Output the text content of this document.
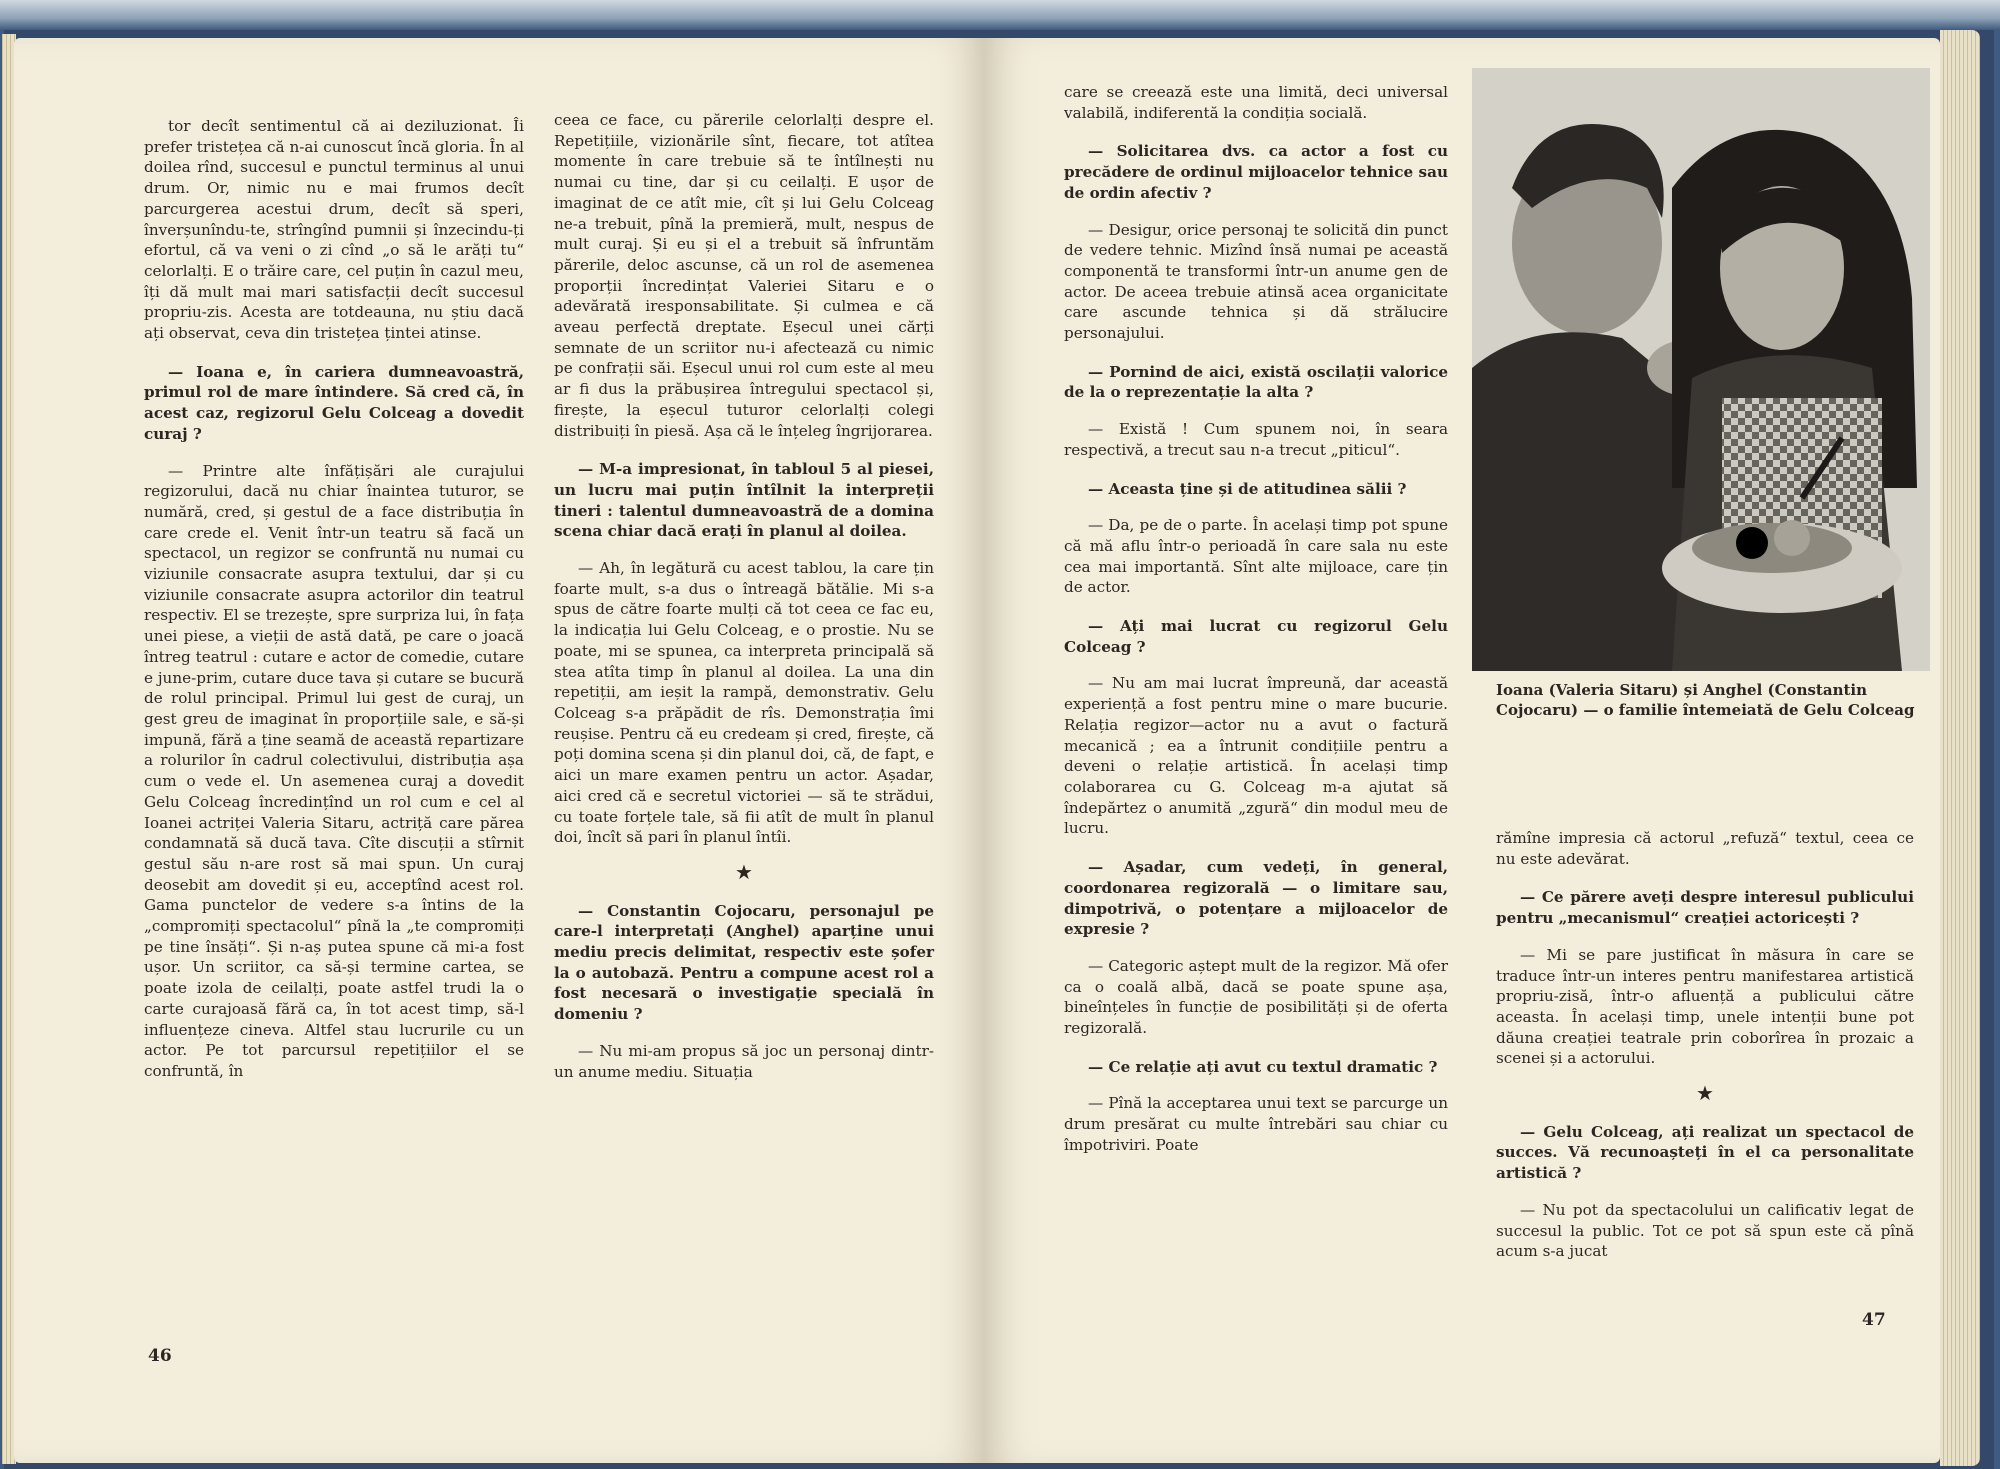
tor decît sentimentul că ai deziluzionat. Îi prefer tristețea că n-ai cunoscut încă gloria. În al doilea rînd, succesul e punctul terminus al unui drum. Or, nimic nu e mai frumos decît parcurgerea acestui drum, decît să speri, înverșunîndu-te, strîngînd pumnii și înzecindu-ți efortul, că va veni o zi cînd „o să le arăți tu“ celorlalți. E o trăire care, cel puțin în cazul meu, îți dă mult mai mari satisfacții decît succesul propriu-zis. Acesta are totdeauna, nu știu dacă ați observat, ceva din tristețea țintei atinse.

— Ioana e, în cariera dumneavoastră, primul rol de mare întindere. Să cred că, în acest caz, regizorul Gelu Colceag a dovedit curaj ?

— Printre alte înfățișări ale curajului regizorului, dacă nu chiar înaintea tuturor, se numără, cred, și gestul de a face distribuția în care crede el. Venit într-un teatru să facă un spectacol, un regizor se confruntă nu numai cu viziunile consacrate asupra textului, dar și cu viziunile consacrate asupra actorilor din teatrul respectiv. El se trezește, spre surpriza lui, în fața unei piese, a vieții de astă dată, pe care o joacă întreg teatrul : cutare e actor de comedie, cutare e june-prim, cutare duce tava și cutare se bucură de rolul principal. Primul lui gest de curaj, un gest greu de imaginat în proporțiile sale, e să-și impună, fără a ține seamă de această repartizare a rolurilor în cadrul colectivului, distribuția așa cum o vede el. Un asemenea curaj a dovedit Gelu Colceag încredințînd un rol cum e cel al Ioanei actriței Valeria Sitaru, actriță care părea condamnată să ducă tava. Cîte discuții a stîrnit gestul său n-are rost să mai spun. Un curaj deosebit am dovedit și eu, acceptînd acest rol. Gama punctelor de vedere s-a întins de la „compromiți spectacolul“ pînă la „te compromiți pe tine însăți“. Și n-aș putea spune că mi-a fost ușor. Un scriitor, ca să-și termine cartea, se poate izola de ceilalți, poate astfel trudi la o carte curajoasă fără ca, în tot acest timp, să-l influențeze cineva. Altfel stau lucrurile cu un actor. Pe tot parcursul repetițiilor el se confruntă, în

ceea ce face, cu părerile celorlalți despre el. Repetițiile, vizionările sînt, fiecare, tot atîtea momente în care trebuie să te întîlnești nu numai cu tine, dar și cu ceilalți. E ușor de imaginat de ce atît mie, cît și lui Gelu Colceag ne-a trebuit, pînă la premieră, mult, nespus de mult curaj. Și eu și el a trebuit să înfruntăm părerile, deloc ascunse, că un rol de asemenea proporții încredințat Valeriei Sitaru e o adevărată iresponsabilitate. Și culmea e că aveau perfectă dreptate. Eșecul unei cărți semnate de un scriitor nu-i afectează cu nimic pe confrații săi. Eșecul unui rol cum este al meu ar fi dus la prăbușirea întregului spectacol și, firește, la eșecul tuturor celorlalți colegi distribuiți în piesă. Așa că le înțeleg îngrijorarea.

— M-a impresionat, în tabloul 5 al piesei, un lucru mai puțin întîlnit la interpreții tineri : talentul dumneavoastră de a domina scena chiar dacă erați în planul al doilea.

— Ah, în legătură cu acest tablou, la care țin foarte mult, s-a dus o întreagă bătălie. Mi s-a spus de către foarte mulți că tot ceea ce fac eu, la indicația lui Gelu Colceag, e o prostie. Nu se poate, mi se spunea, ca interpreta principală să stea atîta timp în planul al doilea. La una din repetiții, am ieșit la rampă, demonstrativ. Gelu Colceag s-a prăpădit de rîs. Demonstrația îmi reușise. Pentru că eu credeam și cred, firește, că poți domina scena și din planul doi, că, de fapt, e aici un mare examen pentru un actor. Așadar, aici cred că e secretul victoriei — să te strădui, cu toate forțele tale, să fii atît de mult în planul doi, încît să pari în planul întîi.

★

— Constantin Cojocaru, personajul pe care-l interpretați (Anghel) aparține unui mediu precis delimitat, respectiv este șofer la o autobază. Pentru a compune acest rol a fost necesară o investigație specială în domeniu ?

— Nu mi-am propus să joc un personaj dintr-un anume mediu. Situația

46

care se creează este una limită, deci universal valabilă, indiferentă la condiția socială.

— Solicitarea dvs. ca actor a fost cu precădere de ordinul mijloacelor tehnice sau de ordin afectiv ?

— Desigur, orice personaj te solicită din punct de vedere tehnic. Mizînd însă numai pe această componentă te transformi într-un anume gen de actor. De aceea trebuie atinsă acea organicitate care ascunde tehnica și dă strălucire personajului.

— Pornind de aici, există oscilații valorice de la o reprezentație la alta ?

— Există ! Cum spunem noi, în seara respectivă, a trecut sau n-a trecut „piticul“.

— Aceasta ține și de atitudinea sălii ?

— Da, pe de o parte. În același timp pot spune că mă aflu într-o perioadă în care sala nu este cea mai importantă. Sînt alte mijloace, care țin de actor.

— Ați mai lucrat cu regizorul Gelu Colceag ?

— Nu am mai lucrat împreună, dar această experiență a fost pentru mine o mare bucurie. Relația regizor—actor nu a avut o factură mecanică ; ea a întrunit condițiile pentru a deveni o relație artistică. În același timp colaborarea cu G. Colceag m-a ajutat să îndepărtez o anumită „zgură“ din modul meu de lucru.

— Așadar, cum vedeți, în general, coordonarea regizorală — o limitare sau, dimpotrivă, o potențare a mijloacelor de expresie ?

— Categoric aștept mult de la regizor. Mă ofer ca o coală albă, dacă se poate spune așa, bineînțeles în funcție de posibilități și de oferta regizorală.

— Ce relație ați avut cu textul dramatic ?

— Pînă la acceptarea unui text se parcurge un drum presărat cu multe întrebări sau chiar cu împotriviri. Poate

Ioana (Valeria Sitaru) și Anghel (Constantin Cojocaru) — o familie întemeiată de Gelu Colceag

rămîne impresia că actorul „refuză“ textul, ceea ce nu este adevărat.

— Ce părere aveți despre interesul publicului pentru „mecanismul“ creației actoricești ?

— Mi se pare justificat în măsura în care se traduce într-un interes pentru manifestarea artistică propriu-zisă, într-o afluență a publicului către aceasta. În același timp, unele intenții bune pot dăuna creației teatrale prin coborîrea în prozaic a scenei și a actorului.

★

— Gelu Colceag, ați realizat un spectacol de succes. Vă recunoașteți în el ca personalitate artistică ?

— Nu pot da spectacolului un calificativ legat de succesul la public. Tot ce pot să spun este că pînă acum s-a jucat

47
